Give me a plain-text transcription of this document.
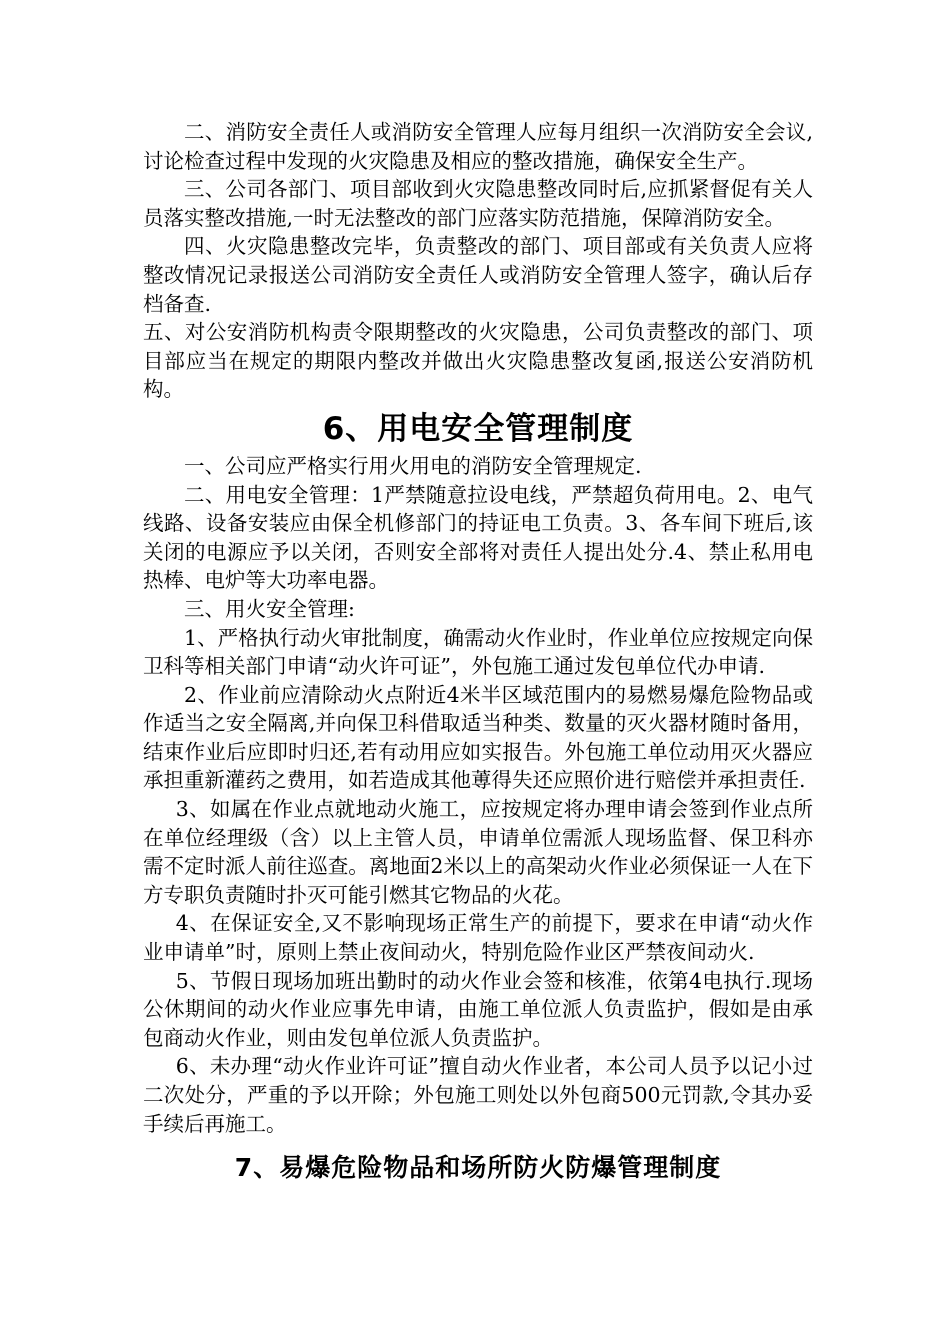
二、消防安全责任人或消防安全管理人应每月组织一次消防安全会议,讨论检查过程中发现的火灾隐患及相应的整改措施，确保安全生产。

三、公司各部门、项目部收到火灾隐患整改同时后,应抓紧督促有关人员落实整改措施,一时无法整改的部门应落实防范措施，保障消防安全。

四、火灾隐患整改完毕，负责整改的部门、项目部或有关负责人应将整改情况记录报送公司消防安全责任人或消防安全管理人签字，确认后存档备查.

五、对公安消防机构责令限期整改的火灾隐患，公司负责整改的部门、项目部应当在规定的期限内整改并做出火灾隐患整改复函,报送公安消防机构。

6、用电安全管理制度

一、公司应严格实行用火用电的消防安全管理规定.

二、用电安全管理：1严禁随意拉设电线，严禁超负荷用电。2、电气线路、设备安装应由保全机修部门的持证电工负责。3、各车间下班后,该关闭的电源应予以关闭，否则安全部将对责任人提出处分.4、禁止私用电热棒、电炉等大功率电器。

三、用火安全管理:

1、严格执行动火审批制度，确需动火作业时，作业单位应按规定向保卫科等相关部门申请“动火许可证”，外包施工通过发包单位代办申请.

2、作业前应清除动火点附近4米半区域范围内的易燃易爆危险物品或作适当之安全隔离,并向保卫科借取适当种类、数量的灭火器材随时备用，结束作业后应即时归还,若有动用应如实报告。外包施工单位动用灭火器应承担重新灌药之费用，如若造成其他蒪得失还应照价进行赔偿并承担责任.

3、如属在作业点就地动火施工，应按规定将办理申请会签到作业点所在单位经理级（含）以上主管人员，申请单位需派人现场监督、保卫科亦需不定时派人前往巡查。离地面2米以上的高架动火作业必须保证一人在下方专职负责随时扑灭可能引燃其它物品的火花。

4、在保证安全,又不影响现场正常生产的前提下，要求在申请“动火作业申请单”时，原则上禁止夜间动火，特别危险作业区严禁夜间动火.

5、节假日现场加班出勤时的动火作业会签和核准，依第4电执行.现场公休期间的动火作业应事先申请，由施工单位派人负责监护，假如是由承包商动火作业，则由发包单位派人负责监护。

6、未办理“动火作业许可证”擅自动火作业者，本公司人员予以记小过二次处分，严重的予以开除；外包施工则处以外包商500元罚款,令其办妥手续后再施工。

7、易爆危险物品和场所防火防爆管理制度
